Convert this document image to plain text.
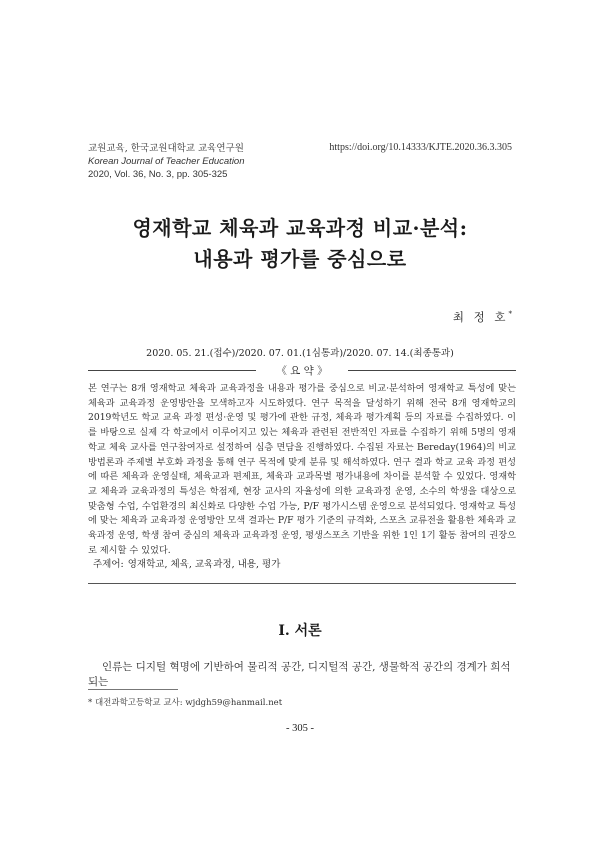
교원교육, 한국교원대학교 교육연구원
Korean Journal of Teacher Education
2020, Vol. 36, No. 3, pp. 305-325
https://doi.org/10.14333/KJTE.2020.36.3.305
영재학교 체육과 교육과정 비교·분석:
내용과 평가를 중심으로
최 정 호*
2020. 05. 21.(접수)/2020. 07. 01.(1심통과)/2020. 07. 14.(최종통과)
《 요 약 》

본 연구는 8개 영재학교 체육과 교육과정을 내용과 평가를 중심으로 비교·분석하여 영재학교 특성에 맞는 체육과 교육과정 운영방안을 모색하고자 시도하였다. 연구 목적을 달성하기 위해 전국 8개 영재학교의 2019학년도 학교 교육 과정 편성·운영 및 평가에 관한 규정, 체육과 평가계획 등의 자료를 수집하였다. 이를 바탕으로 실제 각 학교에서 이루어지고 있는 체육과 관련된 전반적인 자료를 수집하기 위해 5명의 영재학교 체육 교사를 연구참여자로 설정하여 심층 면담을 진행하였다. 수집된 자료는 Bereday(1964)의 비교방법론과 주제별 부호화 과정을 통해 연구 목적에 맞게 분류 및 해석하였다. 연구 결과 학교 교육 과정 편성에 따른 체육과 운영실태, 체육교과 편제표, 체육과 교과목별 평가내용에 차이를 분석할 수 있었다. 영재학교 체육과 교육과정의 특성은 학점제, 현장 교사의 자율성에 의한 교육과정 운영, 소수의 학생을 대상으로 맞춤형 수업, 수업환경의 최신화로 다양한 수업 가능, P/F 평가시스템 운영으로 분석되었다. 영재학교 특성에 맞는 체육과 교육과정 운영방안 모색 결과는 P/F 평가 기준의 규격화, 스포츠 교류전을 활용한 체육과 교육과정 운영, 학생 참여 중심의 체육과 교육과정 운영, 평생스포츠 기반을 위한 1인 1기 활동 참여의 권장으로 제시할 수 있었다.

주제어: 영재학교, 체육, 교육과정, 내용, 평가
Ⅰ. 서론
인류는 디지털 혁명에 기반하여 물리적 공간, 디지털적 공간, 생물학적 공간의 경계가 희석되는
* 대전과학고등학교 교사: wjdgh59@hanmail.net
- 305 -
